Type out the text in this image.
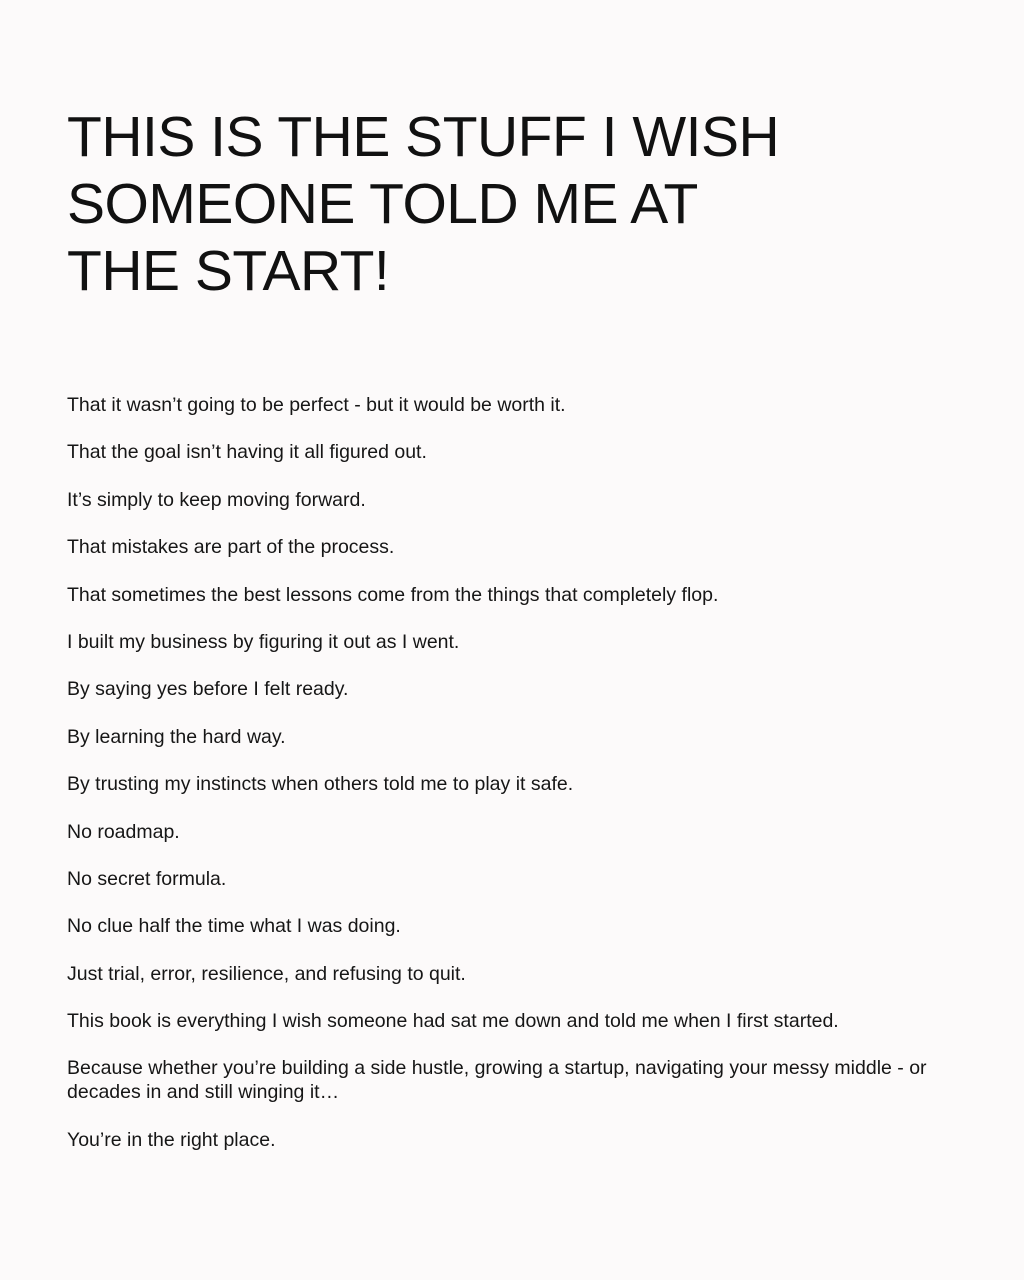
THIS IS THE STUFF I WISH
SOMEONE TOLD ME AT
THE START!

That it wasn’t going to be perfect - but it would be worth it.

That the goal isn’t having it all figured out.

It’s simply to keep moving forward.

That mistakes are part of the process.

That sometimes the best lessons come from the things that completely flop.

I built my business by figuring it out as I went.

By saying yes before I felt ready.

By learning the hard way.

By trusting my instincts when others told me to play it safe.

No roadmap.

No secret formula.

No clue half the time what I was doing.

Just trial, error, resilience, and refusing to quit.

This book is everything I wish someone had sat me down and told me when I first started.

Because whether you’re building a side hustle, growing a startup, navigating your messy middle - or decades in and still winging it…

You’re in the right place.
